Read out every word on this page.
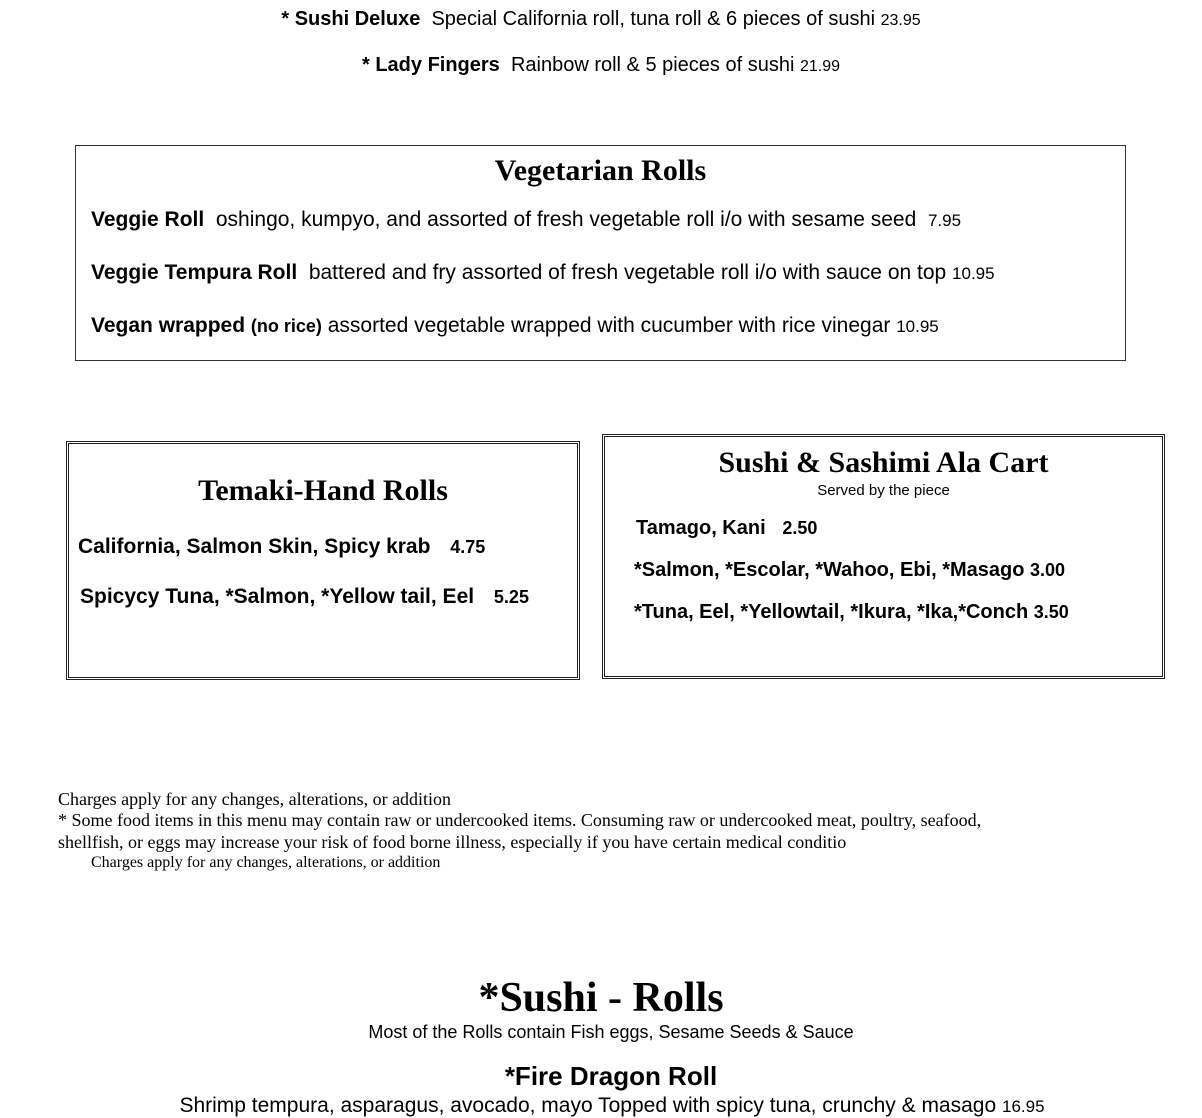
* Sushi Deluxe Special California roll, tuna roll & 6 pieces of sushi 23.95
* Lady Fingers Rainbow roll & 5 pieces of sushi 21.99
Vegetarian Rolls
Veggie Roll oshingo, kumpyo, and assorted of fresh vegetable roll i/o with sesame seed 7.95
Veggie Tempura Roll battered and fry assorted of fresh vegetable roll i/o with sauce on top 10.95
Vegan wrapped (no rice) assorted vegetable wrapped with cucumber with rice vinegar 10.95
Temaki-Hand Rolls
California, Salmon Skin, Spicy krab 4.75
Spicycy Tuna, *Salmon, *Yellow tail, Eel 5.25
Sushi & Sashimi Ala Cart
Served by the piece
Tamago, Kani 2.50
*Salmon, *Escolar, *Wahoo, Ebi, *Masago 3.00
*Tuna, Eel, *Yellowtail, *Ikura, *Ika,*Conch 3.50
Charges apply for any changes, alterations, or addition
* Some food items in this menu may contain raw or undercooked items. Consuming raw or undercooked meat, poultry, seafood,
shellfish, or eggs may increase your risk of food borne illness, especially if you have certain medical conditio
Charges apply for any changes, alterations, or addition
*Sushi - Rolls
Most of the Rolls contain Fish eggs, Sesame Seeds & Sauce
*Fire Dragon Roll
Shrimp tempura, asparagus, avocado, mayo Topped with spicy tuna, crunchy & masago 16.95
